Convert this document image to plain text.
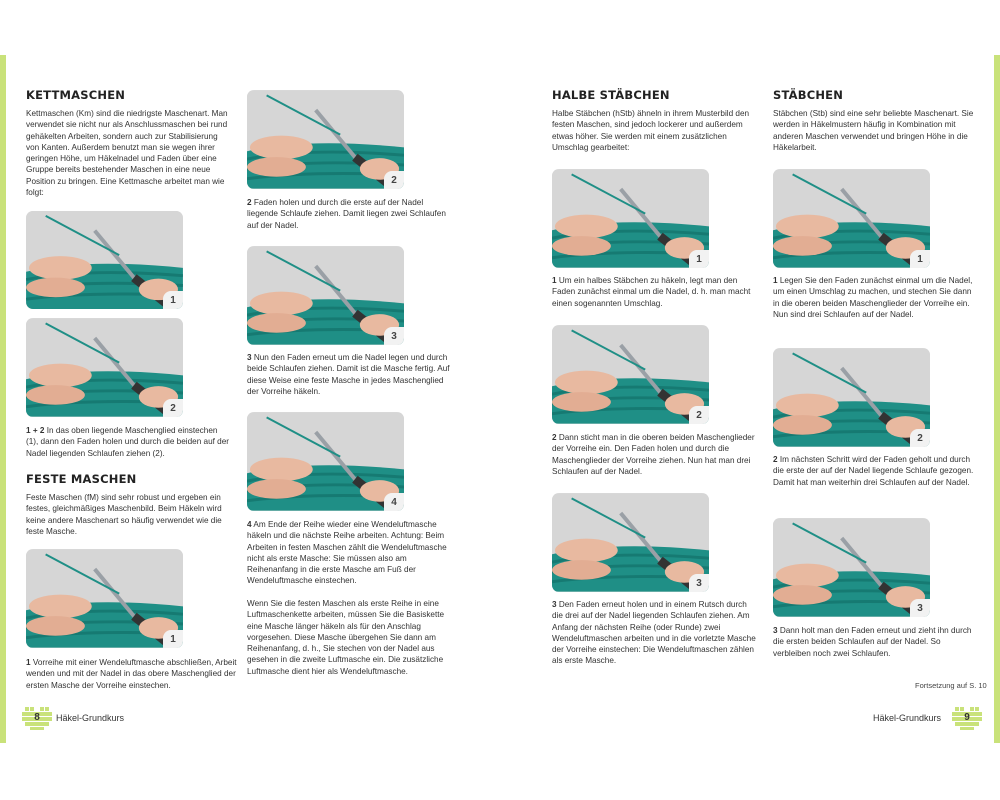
KETTMASCHEN

Kettmaschen (Km) sind die niedrigste Maschenart. Man verwendet sie nicht nur als Anschlussmaschen bei rund gehäkelten Arbeiten, sondern auch zur Stabilisierung von Kanten. Außerdem benutzt man sie wegen ihrer geringen Höhe, um Häkelnadel und Faden über eine Gruppe bereits bestehender Maschen in eine neue Position zu bringen. Eine Kettmasche arbeitet man wie folgt:

1
2

1 + 2 In das oben liegende Maschenglied einstechen (1), dann den Faden holen und durch die beiden auf der Nadel liegenden Schlaufen ziehen (2).

FESTE MASCHEN

Feste Maschen (fM) sind sehr robust und ergeben ein festes, gleichmäßiges Maschenbild. Beim Häkeln wird keine andere Maschenart so häufig verwendet wie die feste Masche.

1

1 Vorreihe mit einer Wendeluftmasche abschließen, Arbeit wenden und mit der Nadel in das obere Maschenglied der ersten Masche der Vorreihe einstechen.

2

2 Faden holen und durch die erste auf der Nadel liegende Schlaufe ziehen. Damit liegen zwei Schlaufen auf der Nadel.

3

3 Nun den Faden erneut um die Nadel legen und durch beide Schlaufen ziehen. Damit ist die Masche fertig. Auf diese Weise eine feste Masche in jedes Maschenglied der Vorreihe häkeln.

4

4 Am Ende der Reihe wieder eine Wendeluftmasche häkeln und die nächste Reihe arbeiten. Achtung: Beim Arbeiten in festen Maschen zählt die Wendeluftmasche nicht als erste Masche: Sie müssen also am Reihenanfang in die erste Masche am Fuß der Wendeluftmasche einstechen.

Wenn Sie die festen Maschen als erste Reihe in eine Luftmaschenkette arbeiten, müssen Sie die Basiskette eine Masche länger häkeln als für den Anschlag vorgesehen. Diese Masche übergehen Sie dann am Reihenanfang, d. h., Sie stechen von der Nadel aus gesehen in die zweite Luftmasche ein. Die zusätzliche Luftmasche dient hier als Wendeluftmasche.

8	Häkel-Grundkurs
HALBE STÄBCHEN

Halbe Stäbchen (hStb) ähneln in ihrem Musterbild den festen Maschen, sind jedoch lockerer und außerdem etwas höher. Sie werden mit einem zusätzlichen Umschlag gearbeitet:

1

1 Um ein halbes Stäbchen zu häkeln, legt man den Faden zunächst einmal um die Nadel, d. h. man macht einen sogenannten Umschlag.

2

2 Dann sticht man in die oberen beiden Maschenglieder der Vorreihe ein. Den Faden holen und durch die Maschenglieder der Vorreihe ziehen. Nun hat man drei Schlaufen auf der Nadel.

3

3 Den Faden erneut holen und in einem Rutsch durch die drei auf der Nadel liegenden Schlaufen ziehen. Am Anfang der nächsten Reihe (oder Runde) zwei Wendeluftmaschen arbeiten und in die vorletzte Masche der Vorreihe einstechen: Die Wendeluftmaschen zählen als erste Masche.

STÄBCHEN

Stäbchen (Stb) sind eine sehr beliebte Maschenart. Sie werden in Häkelmustern häufig in Kombination mit anderen Maschen verwendet und bringen Höhe in die Häkelarbeit.

1

1 Legen Sie den Faden zunächst einmal um die Nadel, um einen Umschlag zu machen, und stechen Sie dann in die oberen beiden Maschenglieder der Vorreihe ein. Nun sind drei Schlaufen auf der Nadel.

2

2 Im nächsten Schritt wird der Faden geholt und durch die erste der auf der Nadel liegende Schlaufe gezogen. Damit hat man weiterhin drei Schlaufen auf der Nadel.

3

3 Dann holt man den Faden erneut und zieht ihn durch die ersten beiden Schlaufen auf der Nadel. So verbleiben noch zwei Schlaufen.

Fortsetzung auf S. 10
Häkel-Grundkurs	9
